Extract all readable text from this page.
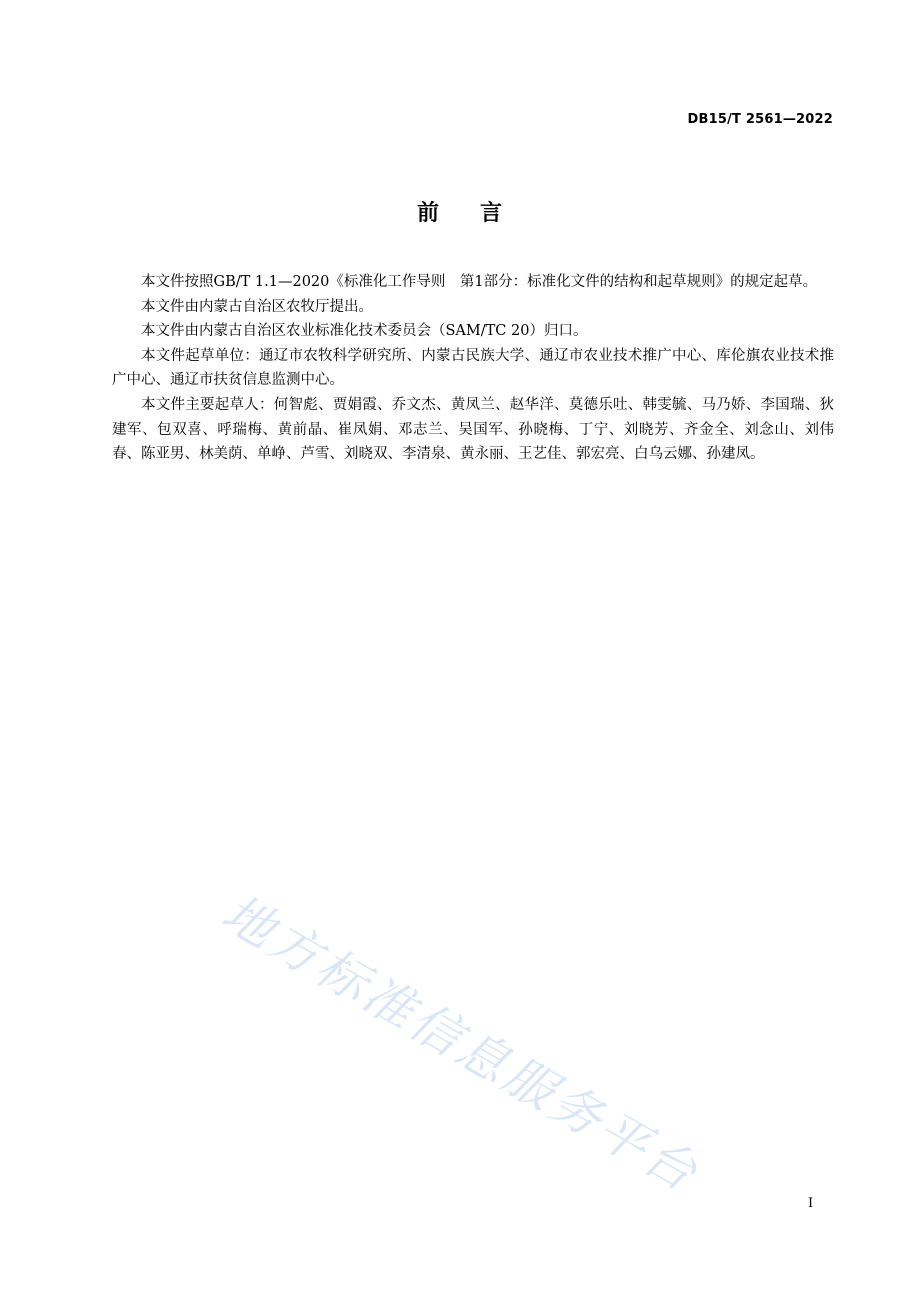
DB15/T 2561—2022
前 言

本文件按照GB/T 1.1—2020《标准化工作导则　第1部分：标准化文件的结构和起草规则》的规定起草。

本文件由内蒙古自治区农牧厅提出。

本文件由内蒙古自治区农业标准化技术委员会（SAM/TC 20）归口。

本文件起草单位：通辽市农牧科学研究所、内蒙古民族大学、通辽市农业技术推广中心、库伦旗农业技术推广中心、通辽市扶贫信息监测中心。

本文件主要起草人：何智彪、贾娟霞、乔文杰、黄凤兰、赵华洋、莫德乐吐、韩雯毓、马乃娇、李国瑞、狄建军、包双喜、呼瑞梅、黄前晶、崔凤娟、邓志兰、吴国军、孙晓梅、丁宁、刘晓芳、齐金全、刘念山、刘伟春、陈亚男、林美荫、单峥、芦雪、刘晓双、李清泉、黄永丽、王艺佳、郭宏亮、白乌云娜、孙建凤。

地方标准信息服务平台	I
